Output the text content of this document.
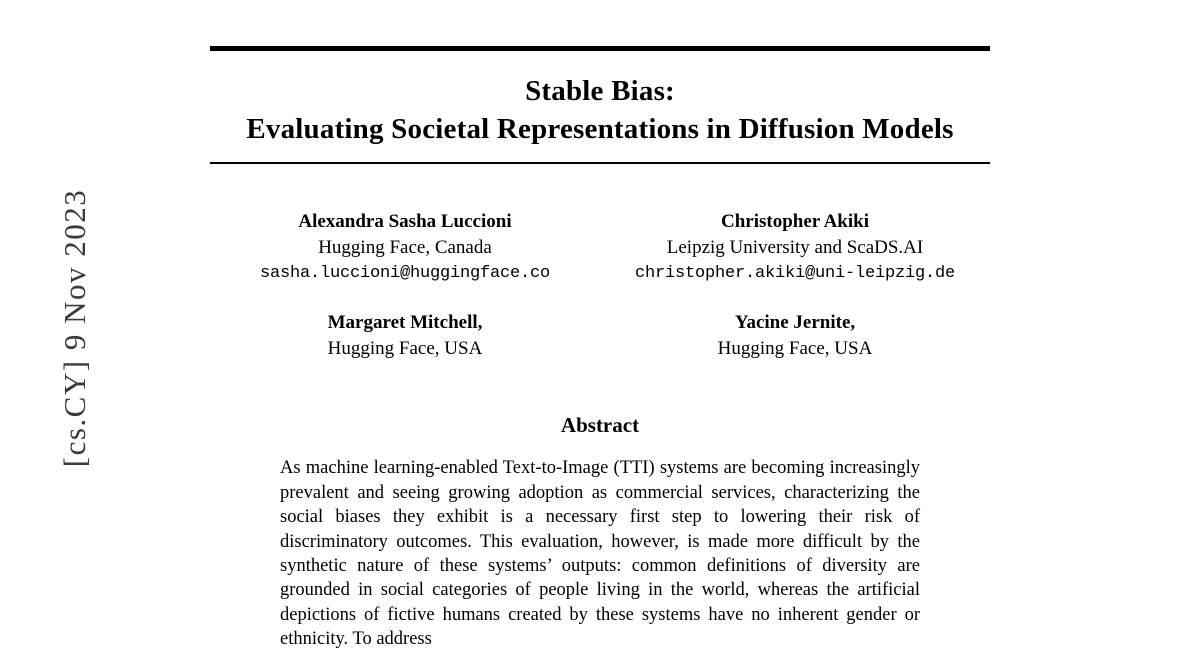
[cs.CY] 9 Nov 2023
Stable Bias:
Evaluating Societal Representations in Diffusion Models
Alexandra Sasha Luccioni
Hugging Face, Canada
sasha.luccioni@huggingface.co
Christopher Akiki
Leipzig University and ScaDS.AI
christopher.akiki@uni-leipzig.de
Margaret Mitchell,
Hugging Face, USA
Yacine Jernite,
Hugging Face, USA
Abstract
As machine learning-enabled Text-to-Image (TTI) systems are becoming increasingly prevalent and seeing growing adoption as commercial services, characterizing the social biases they exhibit is a necessary first step to lowering their risk of discriminatory outcomes. This evaluation, however, is made more difficult by the synthetic nature of these systems’ outputs: common definitions of diversity are grounded in social categories of people living in the world, whereas the artificial depictions of fictive humans created by these systems have no inherent gender or ethnicity. To address
